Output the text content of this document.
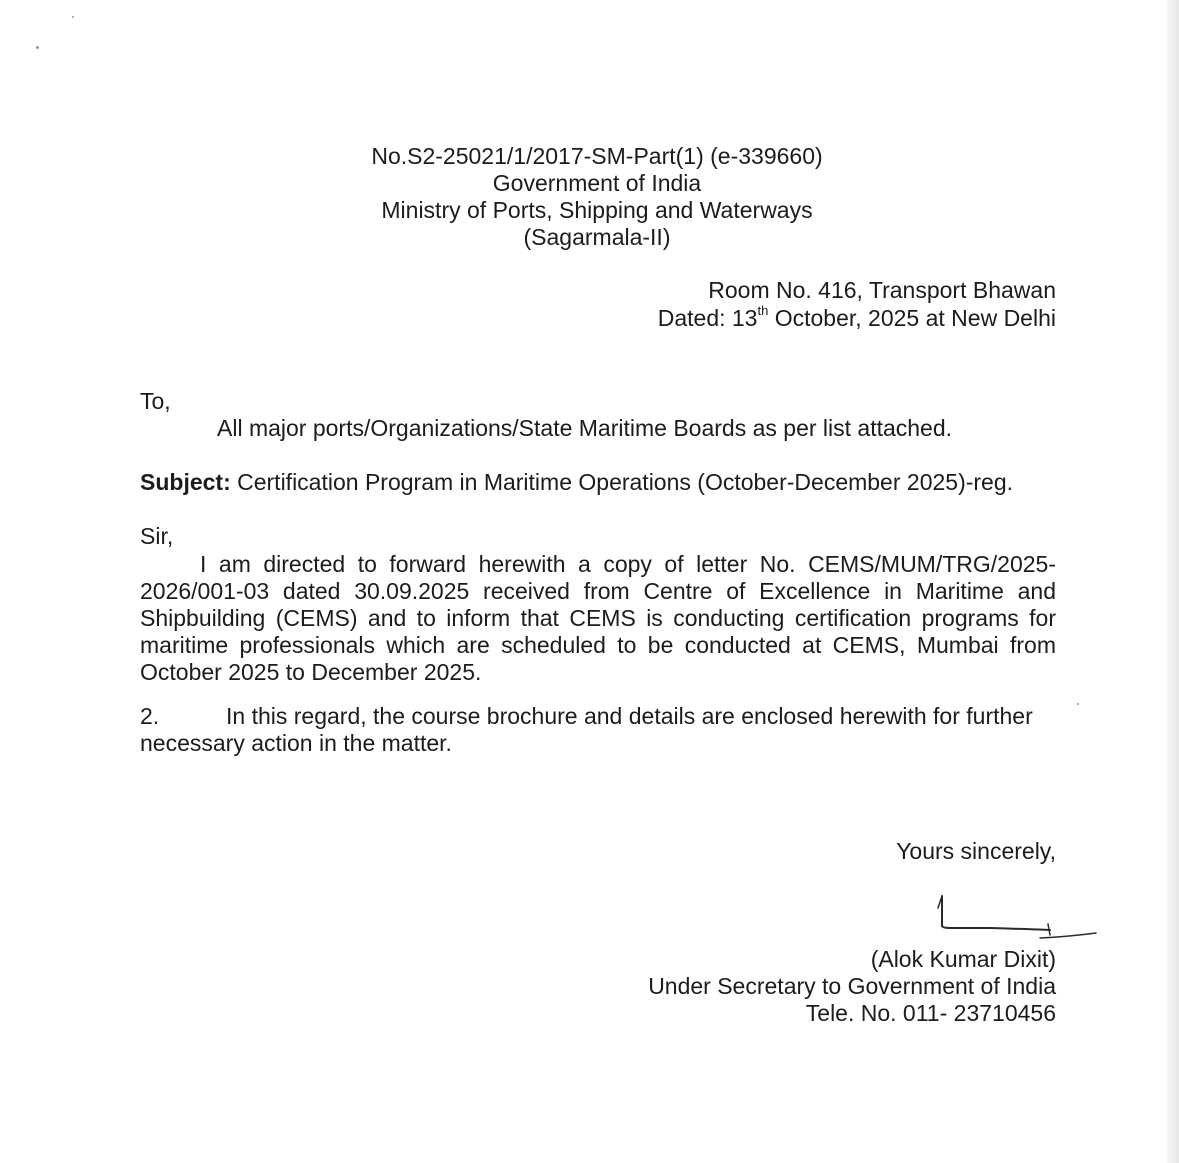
No.S2-25021/1/2017-SM-Part(1) (e-339660)
Government of India
Ministry of Ports, Shipping and Waterways
(Sagarmala-II)
Room No. 416, Transport Bhawan
Dated: 13th October, 2025 at New Delhi
To,
All major ports/Organizations/State Maritime Boards as per list attached.
Subject: Certification Program in Maritime Operations (October-December 2025)-reg.
Sir,
I am directed to forward herewith a copy of letter No. CEMS/MUM/TRG/2025-2026/001-03 dated 30.09.2025 received from Centre of Excellence in Maritime and Shipbuilding (CEMS) and to inform that CEMS is conducting certification programs for maritime professionals which are scheduled to be conducted at CEMS, Mumbai from October 2025 to December 2025.
2.	In this regard, the course brochure and details are enclosed herewith for further necessary action in the matter.
Yours sincerely,
(Alok Kumar Dixit)
Under Secretary to Government of India
Tele. No. 011- 23710456
